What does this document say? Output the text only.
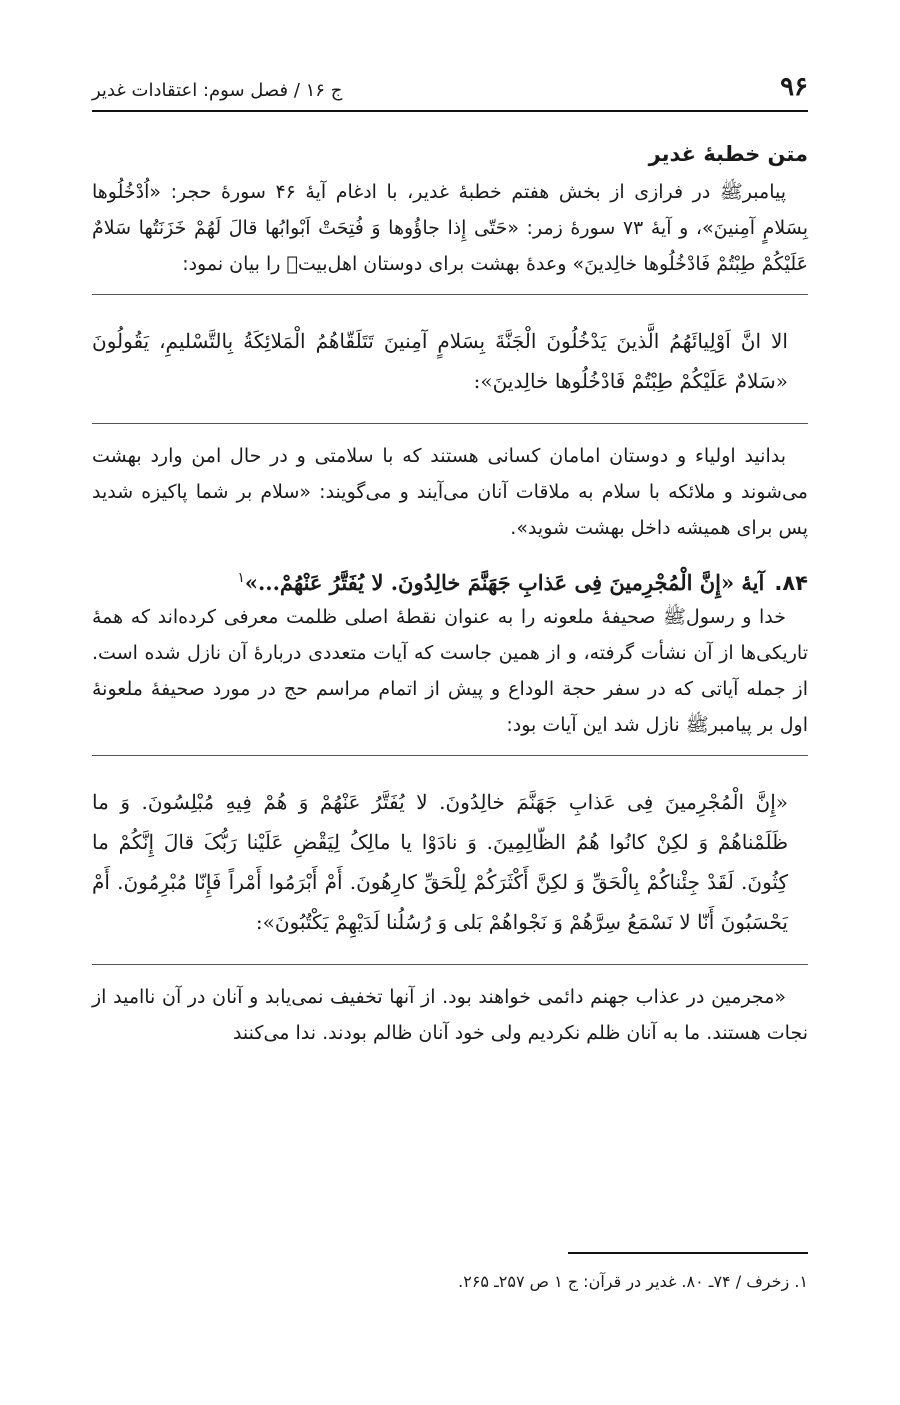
۹۶
ج ۱۶ / فصل سوم: اعتقادات غدیر
متن خطبهٔ غدیر

پیامبرﷺ در فرازی از بخش هفتم خطبهٔ غدیر، با ادغام آیهٔ ۴۶ سورهٔ حجر: «اُدْخُلُوها بِسَلامٍ آمِنینَ»، و آیهٔ ۷۳ سورهٔ زمر: «حَتّی إِذا جاؤُوها وَ فُتِحَتْ اَبْوابُها قالَ لَهُمْ خَزَنَتُها سَلامٌ عَلَیْکُمْ طِبْتُمْ فَادْخُلُوها خالِدینَ» وعدهٔ بهشت برای دوستان اهل‌بیت﷤ را بیان نمود:

الا انَّ اَوْلِیائَهُمُ الَّذینَ یَدْخُلُونَ الْجَنَّةَ بِسَلامٍ آمِنینَ تَتَلَقّاهُمُ الْمَلائِکَةُ بِالتَّسْلیمِ، یَقُولُونَ «سَلامٌ عَلَیْکُمْ طِبْتُمْ فَادْخُلُوها خالِدینَ»:

بدانید اولیاء و دوستان امامان کسانی هستند که با سلامتی و در حال امن وارد بهشت می‌شوند و ملائکه با سلام به ملاقات آنان می‌آیند و می‌گویند: «سلام بر شما پاکیزه شدید پس برای همیشه داخل بهشت شوید».

۸۴.آیهٔ «إِنَّ الْمُجْرِمینَ فِی عَذابِ جَهَنَّمَ خالِدُونَ. لا یُفَتَّرُ عَنْهُمْ...»$^۱$

خدا و رسولﷺ صحیفهٔ ملعونه را به عنوان نقطهٔ اصلی ظلمت معرفی کرده‌اند که همهٔ تاریکی‌ها از آن نشأت گرفته، و از همین جاست که آیات متعددی دربارهٔ آن نازل شده است. از جمله آیاتی که در سفر حجة الوداع و پیش از اتمام مراسم حج در مورد صحیفهٔ ملعونهٔ اول بر پیامبرﷺ نازل شد این آیات بود:

«إِنَّ الْمُجْرِمینَ فِی عَذابِ جَهَنَّمَ خالِدُونَ. لا یُفَتَّرُ عَنْهُمْ وَ هُمْ فِیهِ مُبْلِسُونَ. وَ ما ظَلَمْناهُمْ وَ لکِنْ کانُوا هُمُ الظّالِمِینَ. وَ نادَوْا یا مالِکُ لِیَقْضِ عَلَیْنا رَبُّکَ قالَ إِنَّکُمْ ما کِثُونَ. لَقَدْ جِئْناکُمْ بِالْحَقِّ وَ لکِنَّ أَکْثَرَکُمْ لِلْحَقِّ کارِهُونَ. أَمْ أَبْرَمُوا أَمْراً فَإِنّا مُبْرِمُونَ. أَمْ یَحْسَبُونَ أَنّا لا نَسْمَعُ سِرَّهُمْ وَ نَجْواهُمْ بَلی وَ رُسُلُنا لَدَیْهِمْ یَکْتُبُونَ»:

«مجرمین در عذاب جهنم دائمی خواهند بود. از آنها تخفیف نمی‌یابد و آنان در آن ناامید از نجات هستند. ما به آنان ظلم نکردیم ولی خود آنان ظالم بودند. ندا می‌کنند

۱. زخرف / ۷۴ـ ۸۰. غدیر در قرآن: ج ۱ ص ۲۵۷ـ ۲۶۵.
